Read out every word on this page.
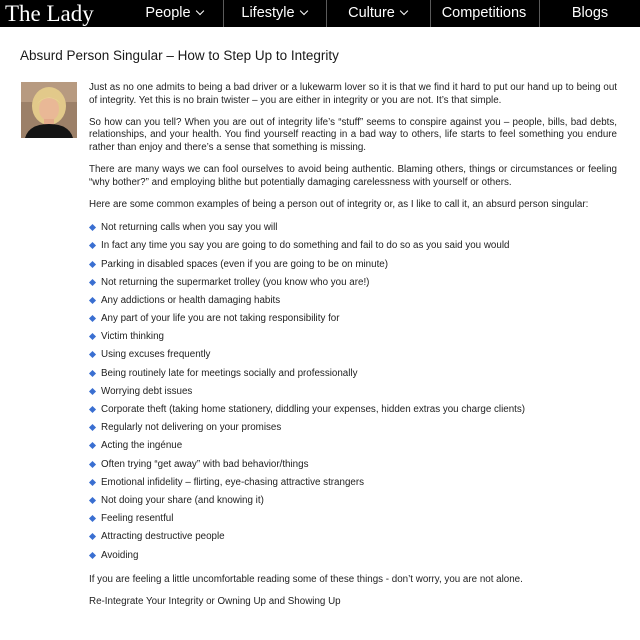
The Lady	People	Lifestyle	Culture	Competitions	Blogs
Absurd Person Singular – How to Step Up to Integrity

Just as no one admits to being a bad driver or a lukewarm lover so it is that we find it hard to put our hand up to being out of integrity. Yet this is no brain twister – you are either in integrity or you are not. It’s that simple.

So how can you tell? When you are out of integrity life’s “stuff” seems to conspire against you – people, bills, bad debts, relationships, and your health. You find yourself reacting in a bad way to others, life starts to feel something you endure rather than enjoy and there’s a sense that something is missing.

There are many ways we can fool ourselves to avoid being authentic. Blaming others, things or circumstances or feeling “why bother?” and employing blithe but potentially damaging carelessness with yourself or others.

Here are some common examples of being a person out of integrity or, as I like to call it, an absurd person singular:

Not returning calls when you say you will
In fact any time you say you are going to do something and fail to do so as you said you would
Parking in disabled spaces (even if you are going to be on minute)
Not returning the supermarket trolley (you know who you are!)
Any addictions or health damaging habits
Any part of your life you are not taking responsibility for
Victim thinking
Using excuses frequently
Being routinely late for meetings socially and professionally
Worrying debt issues
Corporate theft (taking home stationery, diddling your expenses, hidden extras you charge clients)
Regularly not delivering on your promises
Acting the ingénue
Often trying “get away” with bad behavior/things
Emotional infidelity – flirting, eye-chasing attractive strangers
Not doing your share (and knowing it)
Feeling resentful
Attracting destructive people
Avoiding

If you are feeling a little uncomfortable reading some of these things - don’t worry, you are not alone.

Re-Integrate Your Integrity or Owning Up and Showing Up
